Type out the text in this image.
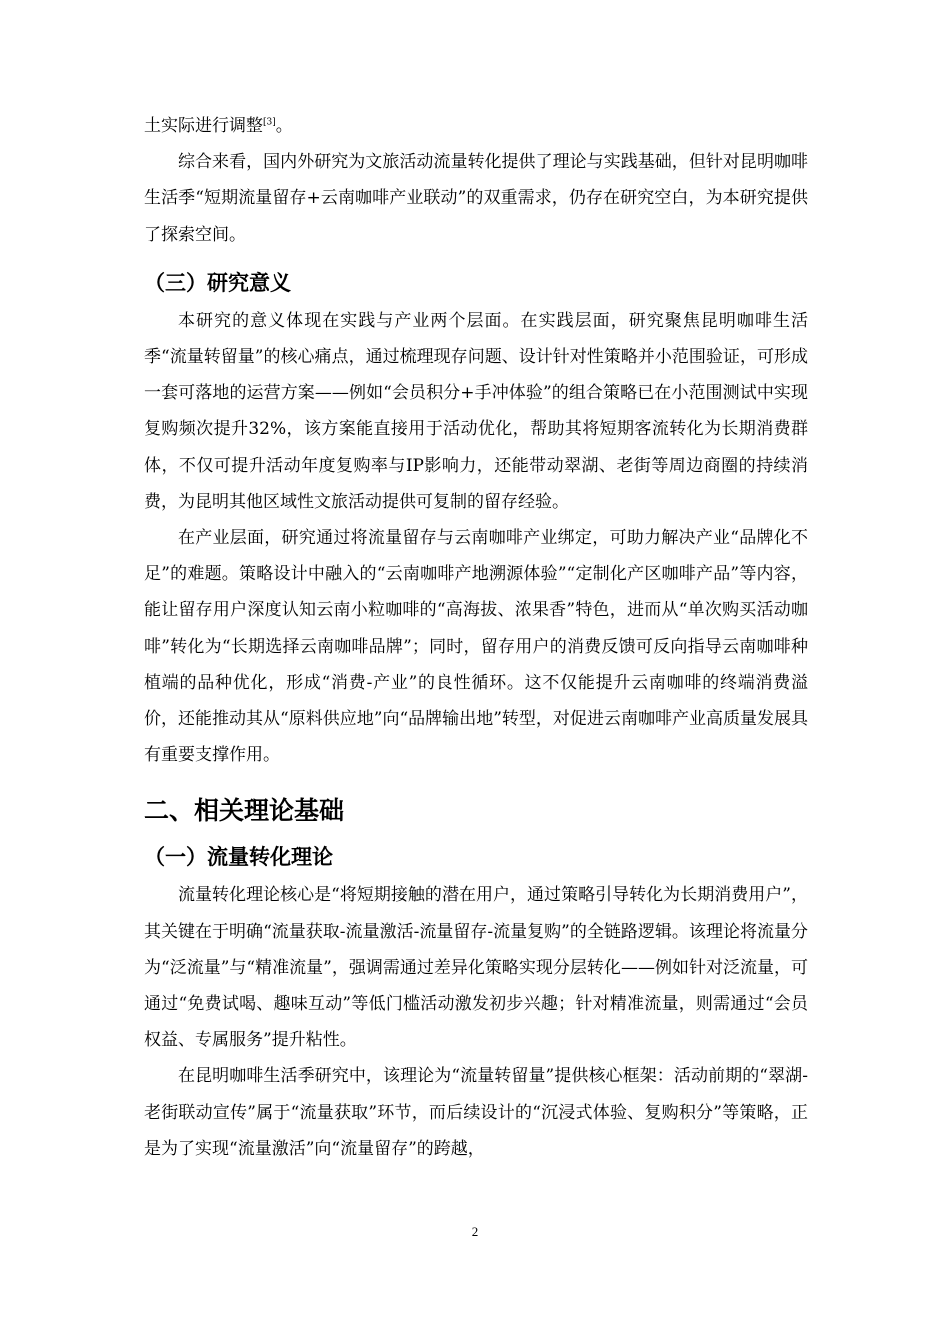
土实际进行调整[3]。

综合来看，国内外研究为文旅活动流量转化提供了理论与实践基础，但针对昆明咖啡生活季“短期流量留存+云南咖啡产业联动”的双重需求，仍存在研究空白，为本研究提供了探索空间。

（三）研究意义

本研究的意义体现在实践与产业两个层面。在实践层面，研究聚焦昆明咖啡生活季“流量转留量”的核心痛点，通过梳理现存问题、设计针对性策略并小范围验证，可形成一套可落地的运营方案——例如“会员积分+手冲体验”的组合策略已在小范围测试中实现复购频次提升32%，该方案能直接用于活动优化，帮助其将短期客流转化为长期消费群体，不仅可提升活动年度复购率与IP影响力，还能带动翠湖、老街等周边商圈的持续消费，为昆明其他区域性文旅活动提供可复制的留存经验。

在产业层面，研究通过将流量留存与云南咖啡产业绑定，可助力解决产业“品牌化不足”的难题。策略设计中融入的“云南咖啡产地溯源体验”“定制化产区咖啡产品”等内容，能让留存用户深度认知云南小粒咖啡的“高海拔、浓果香”特色，进而从“单次购买活动咖啡”转化为“长期选择云南咖啡品牌”；同时，留存用户的消费反馈可反向指导云南咖啡种植端的品种优化，形成“消费-产业”的良性循环。这不仅能提升云南咖啡的终端消费溢价，还能推动其从“原料供应地”向“品牌输出地”转型，对促进云南咖啡产业高质量发展具有重要支撑作用。

二、相关理论基础
（一）流量转化理论

流量转化理论核心是“将短期接触的潜在用户，通过策略引导转化为长期消费用户”，其关键在于明确“流量获取-流量激活-流量留存-流量复购”的全链路逻辑。该理论将流量分为“泛流量”与“精准流量”，强调需通过差异化策略实现分层转化——例如针对泛流量，可通过“免费试喝、趣味互动”等低门槛活动激发初步兴趣；针对精准流量，则需通过“会员权益、专属服务”提升粘性。

在昆明咖啡生活季研究中，该理论为“流量转留量”提供核心框架：活动前期的“翠湖-老街联动宣传”属于“流量获取”环节，而后续设计的“沉浸式体验、复购积分”等策略，正是为了实现“流量激活”向“流量留存”的跨越，

2
